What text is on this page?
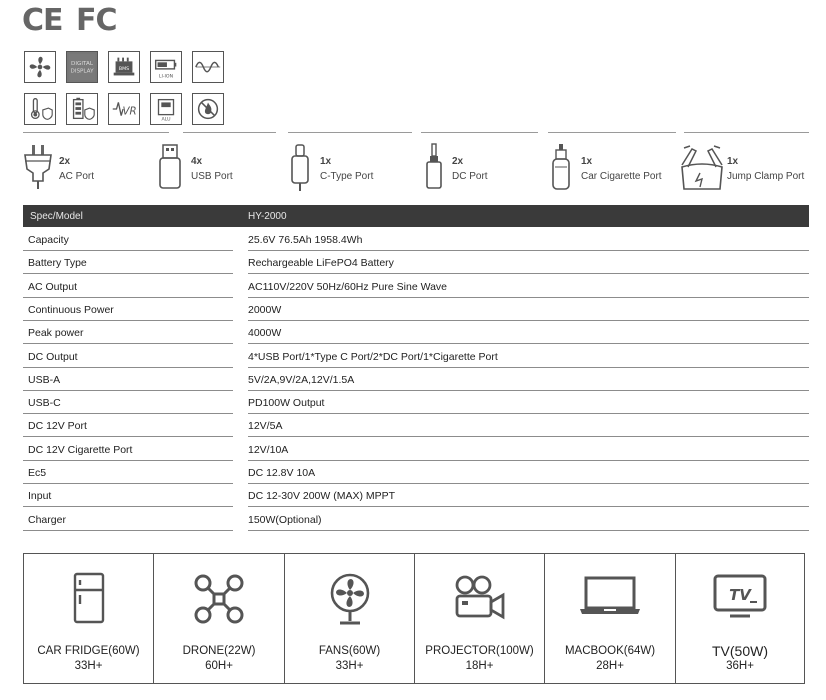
CE FC
DIGITAL
DISPLAY	BMS
LI-ION
VR
ALU
2x
AC Port
4x
USB Port
1x
C-Type Port
2x
DC Port
1x
Car Cigarette Port
1x
Jump Clamp Port
Spec/Model	HY-2000
Capacity	25.6V 76.5Ah 1958.4Wh
Battery Type	Rechargeable LiFePO4 Battery
AC Output	AC110V/220V 50Hz/60Hz Pure Sine Wave
Continuous Power	2000W
Peak power	4000W
DC Output	4*USB Port/1*Type C Port/2*DC Port/1*Cigarette Port
USB-A	5V/2A,9V/2A,12V/1.5A
USB-C	PD100W Output
DC 12V Port	12V/5A
DC 12V Cigarette Port	12V/10A
Ec5	DC 12.8V 10A
Input	DC 12-30V 200W (MAX) MPPT
Charger	150W(Optional)
CAR FRIDGE(60W)
33H+
DRONE(22W)
60H+
FANS(60W)
33H+
PROJECTOR(100W)
18H+
MACBOOK(64W)
28H+
TV
TV(50W)
36H+
